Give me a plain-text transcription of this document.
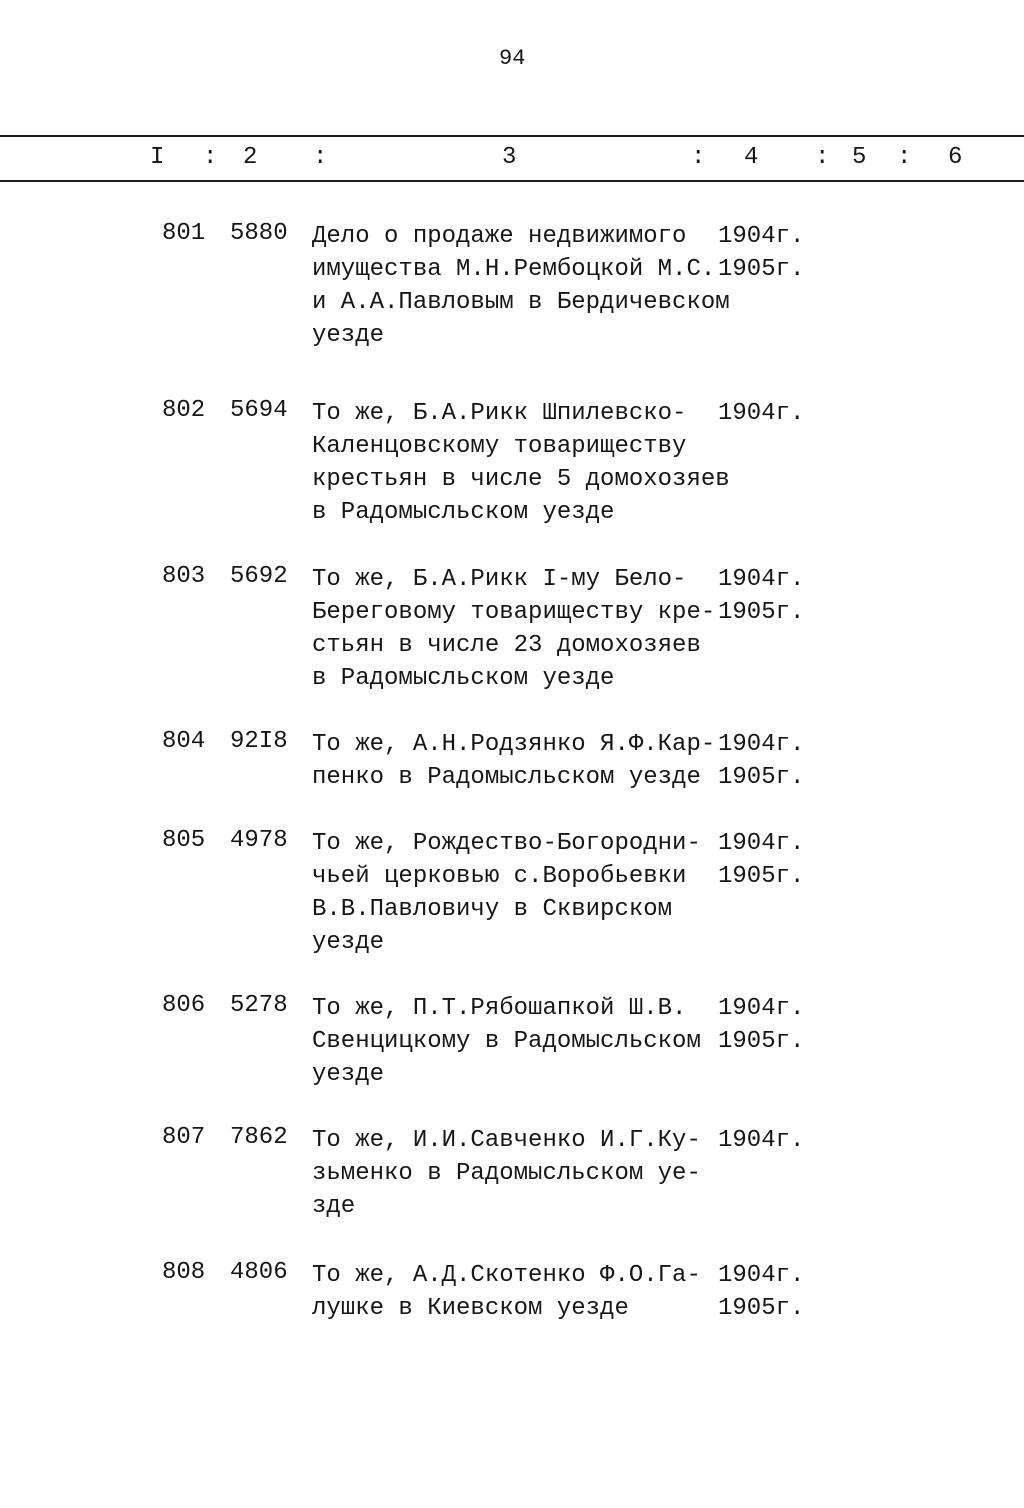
94
I : 2 :	3	: 4 : 5 : 6
801 5880 Дело о продаже недвижимого
имущества М.Н.Рембоцкой М.С.
и А.А.Павловым в Бердичевском
уезде
1904г.
1905г.
802 5694 То же, Б.А.Рикк Шпилевско-
Каленцовскому товариществу
крестьян в числе 5 домохозяев
в Радомысльском уезде
1904г.
803 5692 То же, Б.А.Рикк I-му Бело-
Береговому товариществу кре-
стьян в числе 23 домохозяев
в Радомысльском уезде
1904г.
1905г.
804 92I8 То же, А.Н.Родзянко Я.Ф.Кар-
пенко в Радомысльском уезде
1904г.
1905г.
805 4978 То же, Рождество-Богородни-
чьей церковью с.Воробьевки
В.В.Павловичу в Сквирском
уезде
1904г.
1905г.
806 5278 То же, П.Т.Рябошапкой Ш.В.
Свенцицкому в Радомысльском
уезде
1904г.
1905г.
807 7862 То же, И.И.Савченко И.Г.Ку-
зьменко в Радомысльском уе-
зде
1904г.
808 4806 То же, А.Д.Скотенко Ф.О.Га-
лушке в Киевском уезде
1904г.
1905г.
